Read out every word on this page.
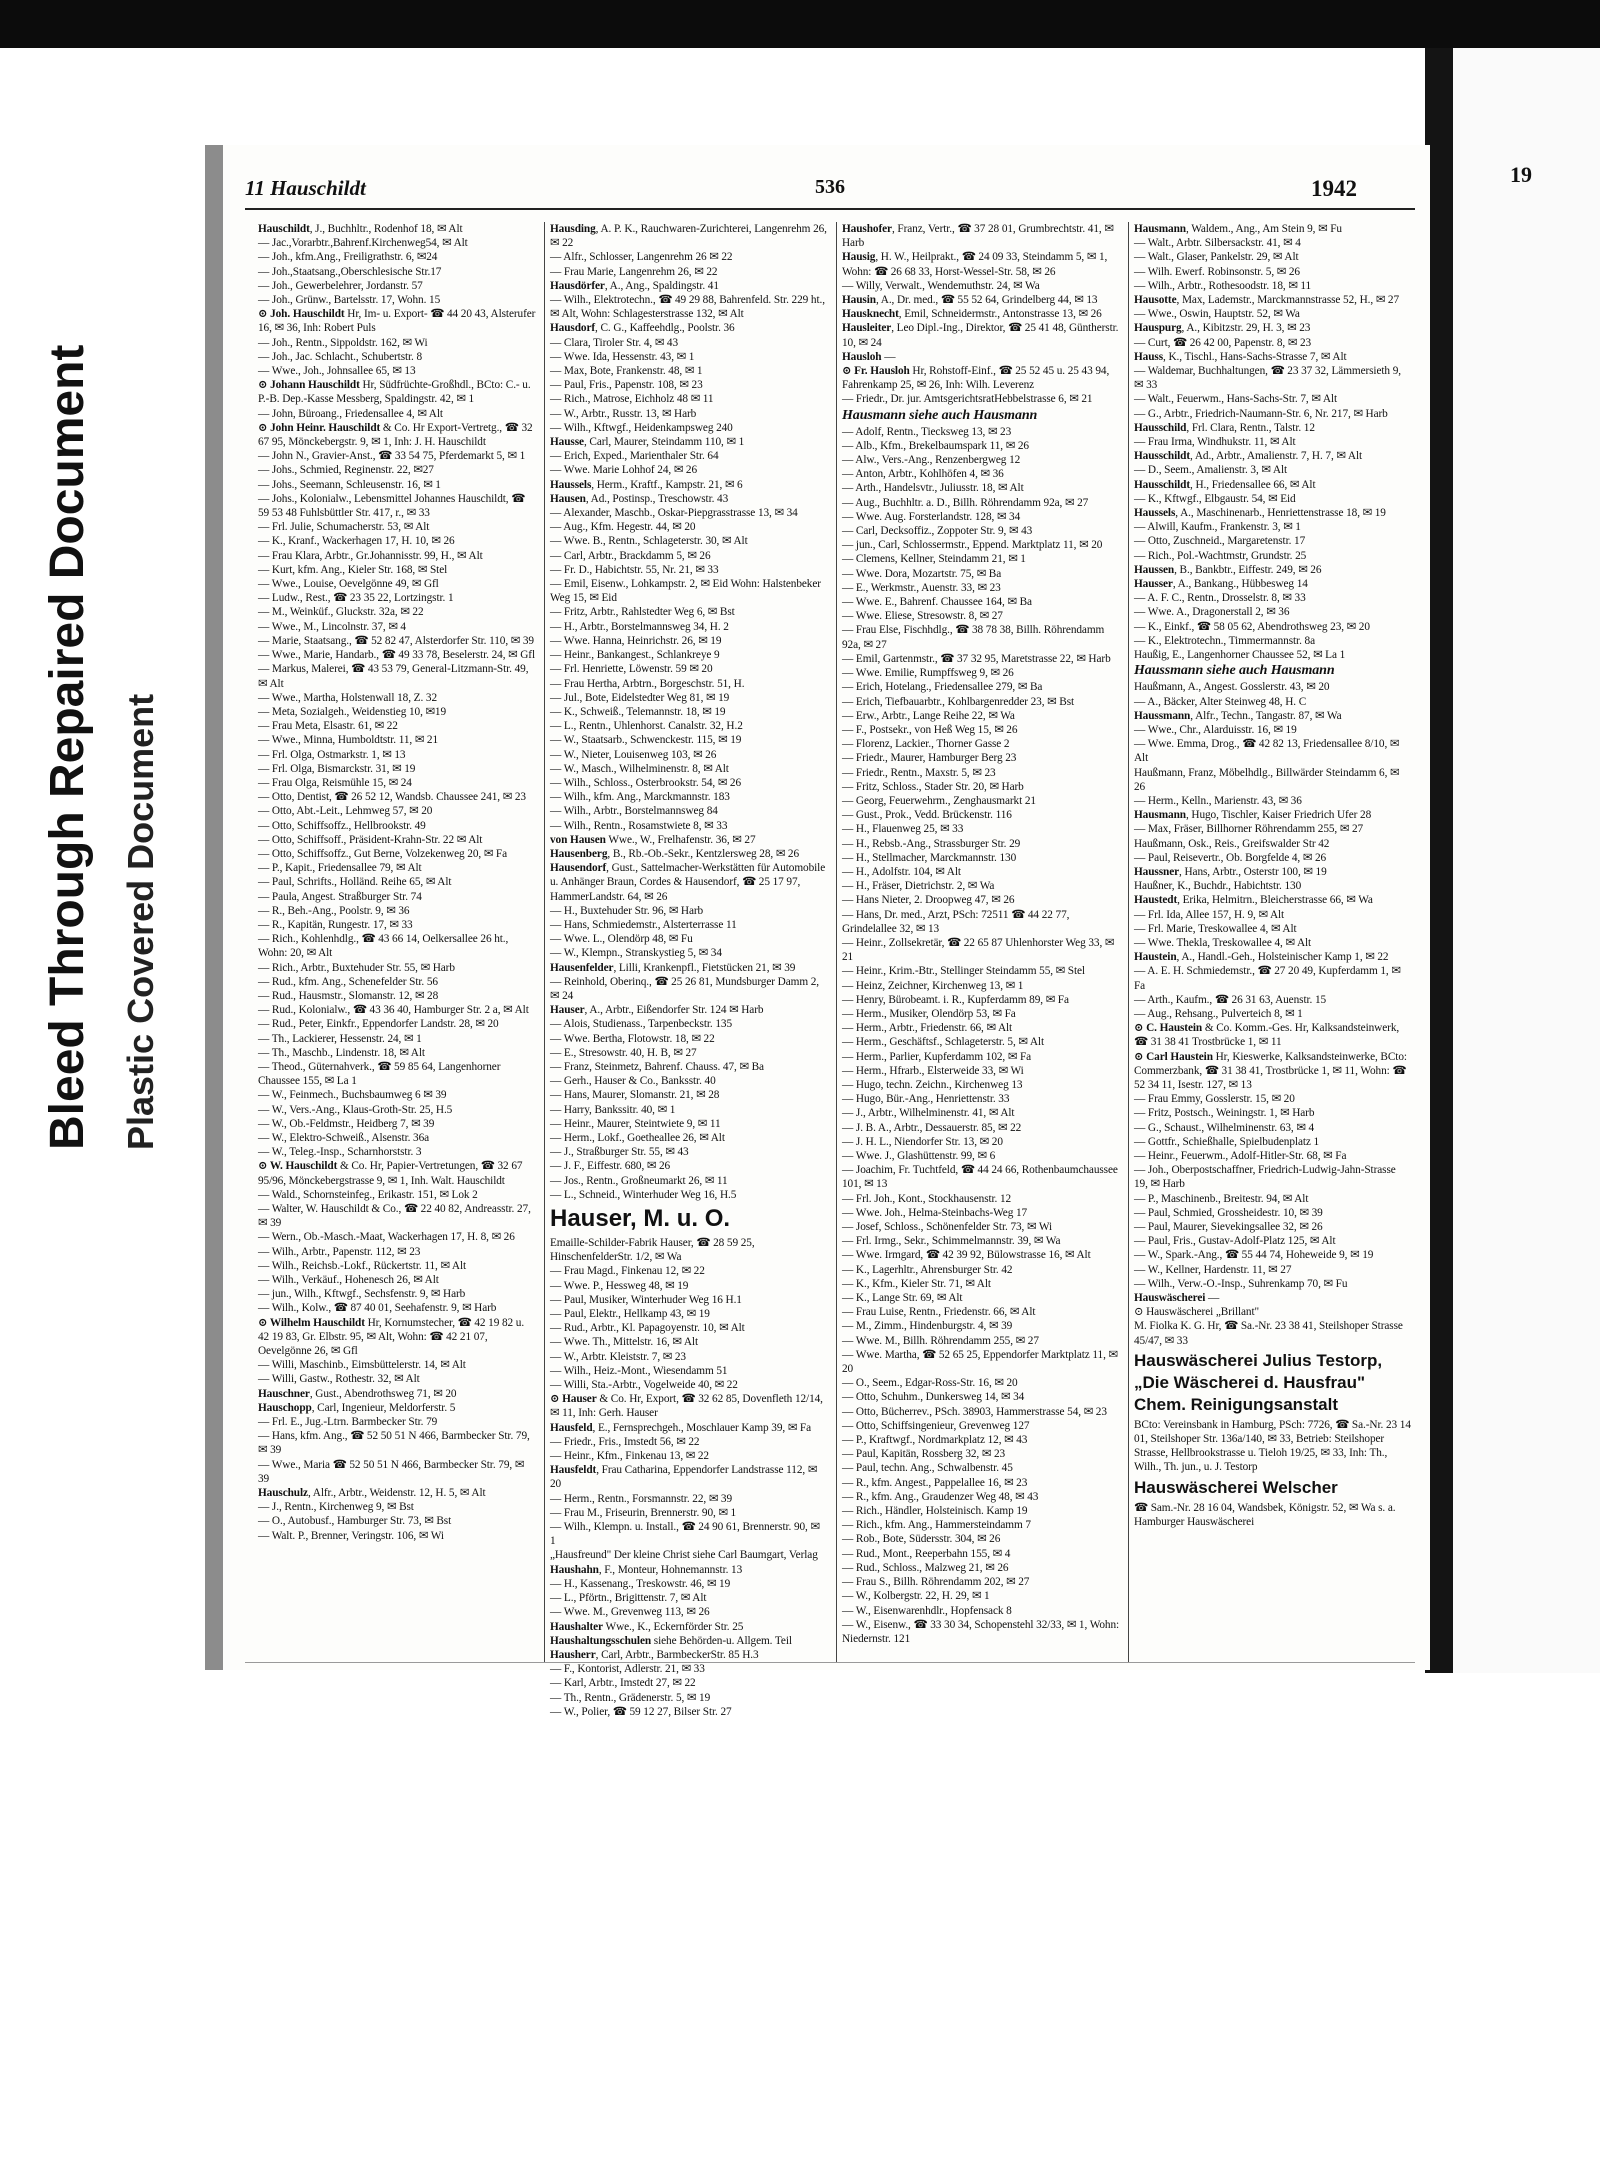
19
Bleed Through Repaired Document Plastic Covered Document
11 Hauschildt	536	1942
Hauschildt, J., Buchhltr., Rodenhof 18, ✉ Alt
— Jac.,Vorarbtr.,Bahrenf.Kirchenweg54, ✉ Alt
— Joh., kfm.Ang., Freiligrathstr. 6, ✉24
— Joh.,Staatsang.,Oberschlesische Str.17
— Joh., Gewerbelehrer, Jordanstr. 57
— Joh., Grünw., Bartelsstr. 17, Wohn. 15
⊙ Joh. Hauschildt Hr, Im- u. Export- ☎ 44 20 43, Alsterufer 16, ✉ 36, Inh: Robert Puls
— Joh., Rentn., Sippoldstr. 162, ✉ Wi
— Joh., Jac. Schlacht., Schubertstr. 8
— Wwe., Joh., Johnsallee 65, ✉ 13
⊙ Johann Hauschildt Hr, Südfrüchte-Großhdl., BCto: C.- u. P.-B. Dep.-Kasse Messberg, Spaldingstr. 42, ✉ 1
— John, Büroang., Friedensallee 4, ✉ Alt
⊙ John Heinr. Hauschildt & Co. Hr Export-Vertretg., ☎ 32 67 95, Mönckebergstr. 9, ✉ 1, Inh: J. H. Hauschildt
— John N., Gravier-Anst., ☎ 33 54 75, Pferdemarkt 5, ✉ 1
— Johs., Schmied, Reginenstr. 22, ✉27
— Johs., Seemann, Schleusenstr. 16, ✉ 1
— Johs., Kolonialw., Lebensmittel Johannes Hauschildt, ☎ 59 53 48 Fuhlsbüttler Str. 417, r., ✉ 33
— Frl. Julie, Schumacherstr. 53, ✉ Alt
— K., Kranf., Wackerhagen 17, H. 10, ✉ 26
— Frau Klara, Arbtr., Gr.Johannisstr. 99, H., ✉ Alt
— Kurt, kfm. Ang., Kieler Str. 168, ✉ Stel
— Wwe., Louise, Oevelgönne 49, ✉ Gfl
— Ludw., Rest., ☎ 23 35 22, Lortzingstr. 1
— M., Weinküf., Gluckstr. 32a, ✉ 22
— Wwe., M., Lincolnstr. 37, ✉ 4
— Marie, Staatsang., ☎ 52 82 47, Alsterdorfer Str. 110, ✉ 39
— Wwe., Marie, Handarb., ☎ 49 33 78, Beselerstr. 24, ✉ Gfl
— Markus, Malerei, ☎ 43 53 79, General-Litzmann-Str. 49, ✉ Alt
— Wwe., Martha, Holstenwall 18, Z. 32
— Meta, Sozialgeh., Weidenstieg 10, ✉19
— Frau Meta, Elsastr. 61, ✉ 22
— Wwe., Minna, Humboldtstr. 11, ✉ 21
— Frl. Olga, Ostmarkstr. 1, ✉ 13
— Frl. Olga, Bismarckstr. 31, ✉ 19
— Frau Olga, Reismühle 15, ✉ 24
— Otto, Dentist, ☎ 26 52 12, Wandsb. Chaussee 241, ✉ 23
— Otto, Abt.-Leit., Lehmweg 57, ✉ 20
— Otto, Schiffsoffz., Hellbrookstr. 49
— Otto, Schiffsoff., Präsident-Krahn-Str. 22 ✉ Alt
— Otto, Schiffsoffz., Gut Berne, Volzekenweg 20, ✉ Fa
— P., Kapit., Friedensallee 79, ✉ Alt
— Paul, Schrifts., Holländ. Reihe 65, ✉ Alt
— Paula, Angest. Straßburger Str. 74
— R., Beh.-Ang., Poolstr. 9, ✉ 36
— R., Kapitän, Rungestr. 17, ✉ 33
— Rich., Kohlenhdlg., ☎ 43 66 14, Oelkersallee 26 ht., Wohn: 20, ✉ Alt
— Rich., Arbtr., Buxtehuder Str. 55, ✉ Harb
— Rud., kfm. Ang., Schenefelder Str. 56
— Rud., Hausmstr., Slomanstr. 12, ✉ 28
— Rud., Kolonialw., ☎ 43 36 40, Hamburger Str. 2 a, ✉ Alt
— Rud., Peter, Einkfr., Eppendorfer Landstr. 28, ✉ 20
— Th., Lackierer, Hessenstr. 24, ✉ 1
— Th., Maschb., Lindenstr. 18, ✉ Alt
— Theod., Güternahverk., ☎ 59 85 64, Langenhorner Chaussee 155, ✉ La 1
— W., Feinmech., Buchsbaumweg 6 ✉ 39
— W., Vers.-Ang., Klaus-Groth-Str. 25, H.5
— W., Ob.-Feldmstr., Heidberg 7, ✉ 39
— W., Elektro-Schweiß., Alsenstr. 36a
— W., Teleg.-Insp., Scharnhorststr. 3
⊙ W. Hauschildt & Co. Hr, Papier-Vertretungen, ☎ 32 67 95/96, Mönckebergstrasse 9, ✉ 1, Inh. Walt. Hauschildt
— Wald., Schornsteinfeg., Erikastr. 151, ✉ Lok 2
— Walter, W. Hauschildt & Co., ☎ 22 40 82, Andreasstr. 27, ✉ 39
— Wern., Ob.-Masch.-Maat, Wackerhagen 17, H. 8, ✉ 26
— Wilh., Arbtr., Papenstr. 112, ✉ 23
— Wilh., Reichsb.-Lokf., Rückertstr. 11, ✉ Alt
— Wilh., Verkäuf., Hohenesch 26, ✉ Alt
— jun., Wilh., Kftwgf., Sechsfenstr. 9, ✉ Harb
— Wilh., Kolw., ☎ 87 40 01, Seehafenstr. 9, ✉ Harb
⊙ Wilhelm Hauschildt Hr, Kornumstecher, ☎ 42 19 82 u. 42 19 83, Gr. Elbstr. 95, ✉ Alt, Wohn: ☎ 42 21 07, Oevelgönne 26, ✉ Gfl
— Willi, Maschinb., Eimsbüttelerstr. 14, ✉ Alt
— Willi, Gastw., Rothestr. 32, ✉ Alt
Hauschner, Gust., Abendrothsweg 71, ✉ 20
Hauschopp, Carl, Ingenieur, Meldorferstr. 5
— Frl. E., Jug.-Ltrn. Barmbecker Str. 79
— Hans, kfm. Ang., ☎ 52 50 51 N 466, Barmbecker Str. 79, ✉ 39
— Wwe., Maria ☎ 52 50 51 N 466, Barmbecker Str. 79, ✉ 39
Hauschulz, Alfr., Arbtr., Weidenstr. 12, H. 5, ✉ Alt
— J., Rentn., Kirchenweg 9, ✉ Bst
— O., Autobusf., Hamburger Str. 73, ✉ Bst
— Walt. P., Brenner, Veringstr. 106, ✉ Wi
Hausding, A. P. K., Rauchwaren-Zurichterei, Langenrehm 26, ✉ 22
— Alfr., Schlosser, Langenrehm 26 ✉ 22
— Frau Marie, Langenrehm 26, ✉ 22
Hausdörfer, A., Ang., Spaldingstr. 41
— Wilh., Elektrotechn., ☎ 49 29 88, Bahrenfeld. Str. 229 ht., ✉ Alt, Wohn: Schlagesterstrasse 132, ✉ Alt
Hausdorf, C. G., Kaffeehdlg., Poolstr. 36
— Clara, Tiroler Str. 4, ✉ 43
— Wwe. Ida, Hessenstr. 43, ✉ 1
— Max, Bote, Frankenstr. 48, ✉ 1
— Paul, Fris., Papenstr. 108, ✉ 23
— Rich., Matrose, Eichholz 48 ✉ 11
— W., Arbtr., Russtr. 13, ✉ Harb
— Wilh., Kftwgf., Heidenkampsweg 240
Hausse, Carl, Maurer, Steindamm 110, ✉ 1
— Erich, Exped., Marienthaler Str. 64
— Wwe. Marie Lohhof 24, ✉ 26
Haussels, Herm., Kraftf., Kampstr. 21, ✉ 6
Hausen, Ad., Postinsp., Treschowstr. 43
— Alexander, Maschb., Oskar-Piepgrasstrasse 13, ✉ 34
— Aug., Kfm. Hegestr. 44, ✉ 20
— Wwe. B., Rentn., Schlageterstr. 30, ✉ Alt
— Carl, Arbtr., Brackdamm 5, ✉ 26
— Fr. D., Habichtstr. 55, Nr. 21, ✉ 33
— Emil, Eisenw., Lohkampstr. 2, ✉ Eid Wohn: Halstenbeker Weg 15, ✉ Eid
— Fritz, Arbtr., Rahlstedter Weg 6, ✉ Bst
— H., Arbtr., Borstelmannsweg 34, H. 2
— Wwe. Hanna, Heinrichstr. 26, ✉ 19
— Heinr., Bankangest., Schlankreye 9
— Frl. Henriette, Löwenstr. 59 ✉ 20
— Frau Hertha, Arbtrn., Borgeschstr. 51, H.
— Jul., Bote, Eidelstedter Weg 81, ✉ 19
— K., Schweiß., Telemannstr. 18, ✉ 19
— L., Rentn., Uhlenhorst. Canalstr. 32, H.2
— W., Staatsarb., Schwenckestr. 115, ✉ 19
— W., Nieter, Louisenweg 103, ✉ 26
— W., Masch., Wilhelminenstr. 8, ✉ Alt
— Wilh., Schloss., Osterbrookstr. 54, ✉ 26
— Wilh., kfm. Ang., Marckmannstr. 183
— Wilh., Arbtr., Borstelmannsweg 84
— Wilh., Rentn., Rosamstwiete 8, ✉ 33
von Hausen Wwe., W., Frelhafenstr. 36, ✉ 27
Hausenberg, B., Rb.-Ob.-Sekr., Kentzlersweg 28, ✉ 26
Hausendorf, Gust., Sattelmacher-Werkstätten für Automobile u. Anhänger Braun, Cordes & Hausendorf, ☎ 25 17 97, HammerLandstr. 64, ✉ 26
— H., Buxtehuder Str. 96, ✉ Harb
— Hans, Schmiedemstr., Alsterterrasse 11
— Wwe. L., Olendörp 48, ✉ Fu
— W., Klempn., Stranskystieg 5, ✉ 34
Hausenfelder, Lilli, Krankenpfl., Fietstücken 21, ✉ 39
— Reinhold, Oberinq., ☎ 25 26 81, Mundsburger Damm 2, ✉ 24
Hauser, A., Arbtr., Eißendorfer Str. 124 ✉ Harb
— Alois, Studienass., Tarpenbeckstr. 135
— Wwe. Bertha, Flotowstr. 18, ✉ 22
— E., Stresowstr. 40, H. B, ✉ 27
— Franz, Steinmetz, Bahrenf. Chauss. 47, ✉ Ba
— Gerh., Hauser & Co., Banksstr. 40
— Hans, Maurer, Slomanstr. 21, ✉ 28
— Harry, Bankssitr. 40, ✉ 1
— Heinr., Maurer, Steintwiete 9, ✉ 11
— Herm., Lokf., Goetheallee 26, ✉ Alt
— J., Straßburger Str. 55, ✉ 43
— J. F., Eiffestr. 680, ✉ 26
— Jos., Rentn., Großneumarkt 26, ✉ 11
— L., Schneid., Winterhuder Weg 16, H.5
Hauser, M. u. O.
Emaille-Schilder-Fabrik Hauser, ☎ 28 59 25, HinschenfelderStr. 1/2, ✉ Wa
— Frau Magd., Finkenau 12, ✉ 22
— Wwe. P., Hessweg 48, ✉ 19
— Paul, Musiker, Winterhuder Weg 16 H.1
— Paul, Elektr., Hellkamp 43, ✉ 19
— Rud., Arbtr., Kl. Papagoyenstr. 10, ✉ Alt
— Wwe. Th., Mittelstr. 16, ✉ Alt
— W., Arbtr. Kleiststr. 7, ✉ 23
— Wilh., Heiz.-Mont., Wiesendamm 51
— Willi, Sta.-Arbtr., Vogelweide 40, ✉ 22
⊙ Hauser & Co. Hr, Export, ☎ 32 62 85, Dovenfleth 12/14, ✉ 11, Inh: Gerh. Hauser
Hausfeld, E., Fernsprechgeh., Moschlauer Kamp 39, ✉ Fa
— Friedr., Fris., Imstedt 56, ✉ 22
— Heinr., Kfm., Finkenau 13, ✉ 22
Hausfeldt, Frau Catharina, Eppendorfer Landstrasse 112, ✉ 20
— Herm., Rentn., Forsmannstr. 22, ✉ 39
— Frau M., Friseurin, Brennerstr. 90, ✉ 1
— Wilh., Klempn. u. Install., ☎ 24 90 61, Brennerstr. 90, ✉ 1
„Hausfreund" Der kleine Christ siehe Carl Baumgart, Verlag
Haushahn, F., Monteur, Hohnemannstr. 13
— H., Kassenang., Treskowstr. 46, ✉ 19
— L., Pförtn., Brigittenstr. 7, ✉ Alt
— Wwe. M., Grevenweg 113, ✉ 26
Haushalter Wwe., K., Eckernförder Str. 25
Haushaltungsschulen siehe Behörden-u. Allgem. Teil
Hausherr, Carl, Arbtr., BarmbeckerStr. 85 H.3
— F., Kontorist, Adlerstr. 21, ✉ 33
— Karl, Arbtr., Imstedt 27, ✉ 22
— Th., Rentn., Grädenerstr. 5, ✉ 19
— W., Polier, ☎ 59 12 27, Bilser Str. 27
Haushofer, Franz, Vertr., ☎ 37 28 01, Grumbrechtstr. 41, ✉ Harb
Hausig, H. W., Heilprakt., ☎ 24 09 33, Steindamm 5, ✉ 1, Wohn: ☎ 26 68 33, Horst-Wessel-Str. 58, ✉ 26
— Willy, Verwalt., Wendemuthstr. 24, ✉ Wa
Hausin, A., Dr. med., ☎ 55 52 64, Grindelberg 44, ✉ 13
Hausknecht, Emil, Schneidermstr., Antonstrasse 13, ✉ 26
Hausleiter, Leo Dipl.-Ing., Direktor, ☎ 25 41 48, Güntherstr. 10, ✉ 24
Hausloh —
⊙ Fr. Hausloh Hr, Rohstoff-Einf., ☎ 25 52 45 u. 25 43 94, Fahrenkamp 25, ✉ 26, Inh: Wilh. Leverenz
— Friedr., Dr. jur. AmtsgerichtsratHebbelstrasse 6, ✉ 21
Hausmann siehe auch Hausmann
— Adolf, Rentn., Tiecksweg 13, ✉ 23
— Alb., Kfm., Brekelbaumspark 11, ✉ 26
— Alw., Vers.-Ang., Renzenbergweg 12
— Anton, Arbtr., Kohlhöfen 4, ✉ 36
— Arth., Handelsvtr., Juliusstr. 18, ✉ Alt
— Aug., Buchhltr. a. D., Billh. Röhrendamm 92a, ✉ 27
— Wwe. Aug. Forsterlandstr. 128, ✉ 34
— Carl, Decksoffiz., Zoppoter Str. 9, ✉ 43
— jun., Carl, Schlossermstr., Eppend. Marktplatz 11, ✉ 20
— Clemens, Kellner, Steindamm 21, ✉ 1
— Wwe. Dora, Mozartstr. 75, ✉ Ba
— E., Werkmstr., Auenstr. 33, ✉ 23
— Wwe. E., Bahrenf. Chaussee 164, ✉ Ba
— Wwe. Eliese, Stresowstr. 8, ✉ 27
— Frau Else, Fischhdlg., ☎ 38 78 38, Billh. Röhrendamm 92a, ✉ 27
— Emil, Gartenmstr., ☎ 37 32 95, Maretstrasse 22, ✉ Harb
— Wwe. Emilie, Rumpffsweg 9, ✉ 26
— Erich, Hotelang., Friedensallee 279, ✉ Ba
— Erich, Tiefbauarbtr., Kohlbargenredder 23, ✉ Bst
— Erw., Arbtr., Lange Reihe 22, ✉ Wa
— F., Postsekr., von Heß Weg 15, ✉ 26
— Florenz, Lackier., Thorner Gasse 2
— Friedr., Maurer, Hamburger Berg 23
— Friedr., Rentn., Maxstr. 5, ✉ 23
— Fritz, Schloss., Stader Str. 20, ✉ Harb
— Georg, Feuerwehrm., Zenghausmarkt 21
— Gust., Prok., Vedd. Brückenstr. 116
— H., Flauenweg 25, ✉ 33
— H., Rebsb.-Ang., Strassburger Str. 29
— H., Stellmacher, Marckmannstr. 130
— H., Adolfstr. 104, ✉ Alt
— H., Fräser, Dietrichstr. 2, ✉ Wa
— Hans Nieter, 2. Droopweg 47, ✉ 26
— Hans, Dr. med., Arzt, PSch: 72511 ☎ 44 22 77, Grindelallee 32, ✉ 13
— Heinr., Zollsekretär, ☎ 22 65 87 Uhlenhorster Weg 33, ✉ 21
— Heinr., Krim.-Btr., Stellinger Steindamm 55, ✉ Stel
— Heinz, Zeichner, Kirchenweg 13, ✉ 1
— Henry, Bürobeamt. i. R., Kupferdamm 89, ✉ Fa
— Herm., Musiker, Olendörp 53, ✉ Fa
— Herm., Arbtr., Friedenstr. 66, ✉ Alt
— Herm., Geschäftsf., Schlageterstr. 5, ✉ Alt
— Herm., Parlier, Kupferdamm 102, ✉ Fa
— Herm., Hfrarb., Elsterweide 33, ✉ Wi
— Hugo, techn. Zeichn., Kirchenweg 13
— Hugo, Bür.-Ang., Henriettenstr. 33
— J., Arbtr., Wilhelminenstr. 41, ✉ Alt
— J. B. A., Arbtr., Dessauerstr. 85, ✉ 22
— J. H. L., Niendorfer Str. 13, ✉ 20
— Wwe. J., Glashüttenstr. 99, ✉ 6
— Joachim, Fr. Tuchtfeld, ☎ 44 24 66, Rothenbaumchaussee 101, ✉ 13
— Frl. Joh., Kont., Stockhausenstr. 12
— Wwe. Joh., Helma-Steinbachs-Weg 17
— Josef, Schloss., Schönenfelder Str. 73, ✉ Wi
— Frl. Irmg., Sekr., Schimmelmannstr. 39, ✉ Wa
— Wwe. Irmgard, ☎ 42 39 92, Bülowstrasse 16, ✉ Alt
— K., Lagerhltr., Ahrensburger Str. 42
— K., Kfm., Kieler Str. 71, ✉ Alt
— K., Lange Str. 69, ✉ Alt
— Frau Luise, Rentn., Friedenstr. 66, ✉ Alt
— M., Zimm., Hindenburgstr. 4, ✉ 39
— Wwe. M., Billh. Röhrendamm 255, ✉ 27
— Wwe. Martha, ☎ 52 65 25, Eppendorfer Marktplatz 11, ✉ 20
— O., Seem., Edgar-Ross-Str. 16, ✉ 20
— Otto, Schuhm., Dunkersweg 14, ✉ 34
— Otto, Bücherrev., PSch. 38903, Hammerstrasse 54, ✉ 23
— Otto, Schiffsingenieur, Grevenweg 127
— P., Kraftwgf., Nordmarkplatz 12, ✉ 43
— Paul, Kapitän, Rossberg 32, ✉ 23
— Paul, techn. Ang., Schwalbenstr. 45
— R., kfm. Angest., Pappelallee 16, ✉ 23
— R., kfm. Ang., Graudenzer Weg 48, ✉ 43
— Rich., Händler, Holsteinisch. Kamp 19
— Rich., kfm. Ang., Hammersteindamm 7
— Rob., Bote, Südersstr. 304, ✉ 26
— Rud., Mont., Reeperbahn 155, ✉ 4
— Rud., Schloss., Malzweg 21, ✉ 26
— Frau S., Billh. Röhrendamm 202, ✉ 27
— W., Kolbergstr. 22, H. 29, ✉ 1
— W., Eisenwarenhdlr., Hopfensack 8
— W., Eisenw., ☎ 33 30 34, Schopenstehl 32/33, ✉ 1, Wohn: Niedernstr. 121
Hausmann, Waldem., Ang., Am Stein 9, ✉ Fu
— Walt., Arbtr. Silbersackstr. 41, ✉ 4
— Walt., Glaser, Pankelstr. 29, ✉ Alt
— Wilh. Ewerf. Robinsonstr. 5, ✉ 26
— Wilh., Arbtr., Rothesoodstr. 18, ✉ 11
Hausotte, Max, Lademstr., Marckmannstrasse 52, H., ✉ 27
— Wwe., Oswin, Hauptstr. 52, ✉ Wa
Hauspurg, A., Kibitzstr. 29, H. 3, ✉ 23
— Curt, ☎ 26 42 00, Papenstr. 8, ✉ 23
Hauss, K., Tischl., Hans-Sachs-Strasse 7, ✉ Alt
— Waldemar, Buchhaltungen, ☎ 23 37 32, Lämmersieth 9, ✉ 33
— Walt., Feuerwm., Hans-Sachs-Str. 7, ✉ Alt
— G., Arbtr., Friedrich-Naumann-Str. 6, Nr. 217, ✉ Harb
Hausschild, Frl. Clara, Rentn., Talstr. 12
— Frau Irma, Windhukstr. 11, ✉ Alt
Hausschildt, Ad., Arbtr., Amalienstr. 7, H. 7, ✉ Alt
— D., Seem., Amalienstr. 3, ✉ Alt
Hausschildt, H., Friedensallee 66, ✉ Alt
— K., Kftwgf., Elbgaustr. 54, ✉ Eid
Haussels, A., Maschinenarb., Henriettenstrasse 18, ✉ 19
— Alwill, Kaufm., Frankenstr. 3, ✉ 1
— Otto, Zuschneid., Margaretenstr. 17
— Rich., Pol.-Wachtmstr, Grundstr. 25
Haussen, B., Bankbtr., Eiffestr. 249, ✉ 26
Hausser, A., Bankang., Hübbesweg 14
— A. F. C., Rentn., Drosselstr. 8, ✉ 33
— Wwe. A., Dragonerstall 2, ✉ 36
— K., Einkf., ☎ 58 05 62, Abendrothsweg 23, ✉ 20
— K., Elektrotechn., Timmermannstr. 8a
Haußig, E., Langenhorner Chaussee 52, ✉ La 1
Haussmann siehe auch Hausmann
Haußmann, A., Angest. Gosslerstr. 43, ✉ 20
— A., Bäcker, Alter Steinweg 48, H. C
Haussmann, Alfr., Techn., Tangastr. 87, ✉ Wa
— Wwe., Chr., Alarduisstr. 16, ✉ 19
— Wwe. Emma, Drog., ☎ 42 82 13, Friedensallee 8/10, ✉ Alt
Haußmann, Franz, Möbelhdlg., Billwärder Steindamm 6, ✉ 26
— Herm., Kelln., Marienstr. 43, ✉ 36
Hausmann, Hugo, Tischler, Kaiser Friedrich Ufer 28
— Max, Fräser, Billhorner Röhrendamm 255, ✉ 27
Haußmann, Osk., Reis., Greifswalder Str 42
— Paul, Reisevertr., Ob. Borgfelde 4, ✉ 26
Haussner, Hans, Arbtr., Osterstr 100, ✉ 19
Haußner, K., Buchdr., Habichtstr. 130
Haustedt, Erika, Helmitrn., Bleicherstrasse 66, ✉ Wa
— Frl. Ida, Allee 157, H. 9, ✉ Alt
— Frl. Marie, Treskowallee 4, ✉ Alt
— Wwe. Thekla, Treskowallee 4, ✉ Alt
Haustein, A., Handl.-Geh., Holsteinischer Kamp 1, ✉ 22
— A. E. H. Schmiedemstr., ☎ 27 20 49, Kupferdamm 1, ✉ Fa
— Arth., Kaufm., ☎ 26 31 63, Auenstr. 15
— Aug., Rehsang., Pulverteich 8, ✉ 1
⊙ C. Haustein & Co. Komm.-Ges. Hr, Kalksandsteinwerk, ☎ 31 38 41 Trostbrücke 1, ✉ 11
⊙ Carl Haustein Hr, Kieswerke, Kalksandsteinwerke, BCto: Commerzbank, ☎ 31 38 41, Trostbrücke 1, ✉ 11, Wohn: ☎ 52 34 11, Isestr. 127, ✉ 13
— Frau Emmy, Gosslerstr. 15, ✉ 20
— Fritz, Postsch., Weiningstr. 1, ✉ Harb
— G., Schaust., Wilhelminenstr. 63, ✉ 4
— Gottfr., Schießhalle, Spielbudenplatz 1
— Heinr., Feuerwm., Adolf-Hitler-Str. 68, ✉ Fa
— Joh., Oberpostschaffner, Friedrich-Ludwig-Jahn-Strasse 19, ✉ Harb
— P., Maschinenb., Breitestr. 94, ✉ Alt
— Paul, Schmied, Grossheidestr. 10, ✉ 39
— Paul, Maurer, Sievekingsallee 32, ✉ 26
— Paul, Fris., Gustav-Adolf-Platz 125, ✉ Alt
— W., Spark.-Ang., ☎ 55 44 74, Hoheweide 9, ✉ 19
— W., Kellner, Hardenstr. 11, ✉ 27
— Wilh., Verw.-O.-Insp., Suhrenkamp 70, ✉ Fu
Hauswäscherei —
⊙ Hauswäscherei „Brillant"
M. Fiolka K. G. Hr, ☎ Sa.-Nr. 23 38 41, Steilshoper Strasse 45/47, ✉ 33
Hauswäscherei Julius Testorp, „Die Wäscherei d. Hausfrau" Chem. Reinigungsanstalt
BCto: Vereinsbank in Hamburg, PSch: 7726, ☎ Sa.-Nr. 23 14 01, Steilshoper Str. 136a/140, ✉ 33, Betrieb: Steilshoper Strasse, Hellbrookstrasse u. Tieloh 19/25, ✉ 33, Inh: Th., Wilh., Th. jun., u. J. Testorp
Hauswäscherei Welscher
☎ Sam.-Nr. 28 16 04, Wandsbek, Königstr. 52, ✉ Wa s. a. Hamburger Hauswäscherei
